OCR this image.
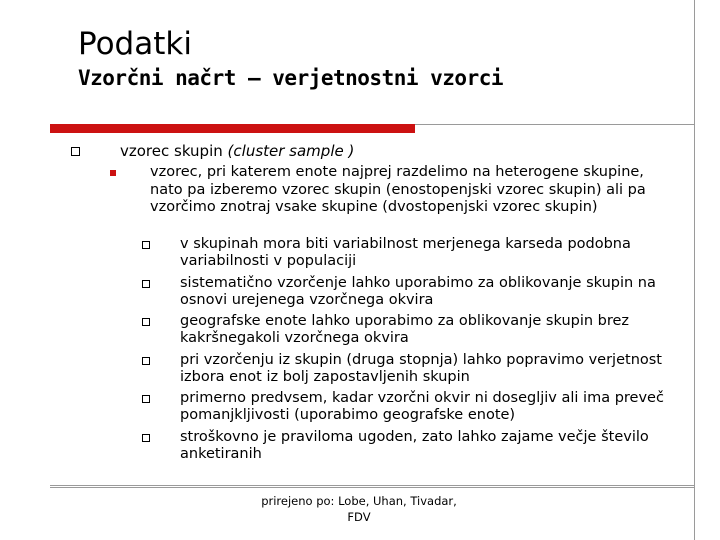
Podatki
Vzorčni načrt – verjetnostni vzorci
vzorec skupin (cluster sample )
vzorec, pri katerem enote najprej razdelimo na heterogene skupine, nato pa izberemo vzorec skupin (enostopenjski vzorec skupin) ali pa vzorčimo znotraj vsake skupine (dvostopenjski vzorec skupin)
v skupinah mora biti variabilnost merjenega karseda podobna variabilnosti v populaciji
sistematično vzorčenje lahko uporabimo za oblikovanje skupin na osnovi urejenega vzorčnega okvira
geografske enote lahko uporabimo za oblikovanje skupin brez kakršnegakoli vzorčnega okvira
pri vzorčenju iz skupin (druga stopnja) lahko popravimo verjetnost izbora enot iz bolj zapostavljenih skupin
primerno predvsem, kadar vzorčni okvir ni dosegljiv ali ima preveč pomanjkljivosti (uporabimo geografske enote)
stroškovno je praviloma ugoden, zato lahko zajame večje število anketiranih
prirejeno po: Lobe, Uhan, Tivadar,
FDV
